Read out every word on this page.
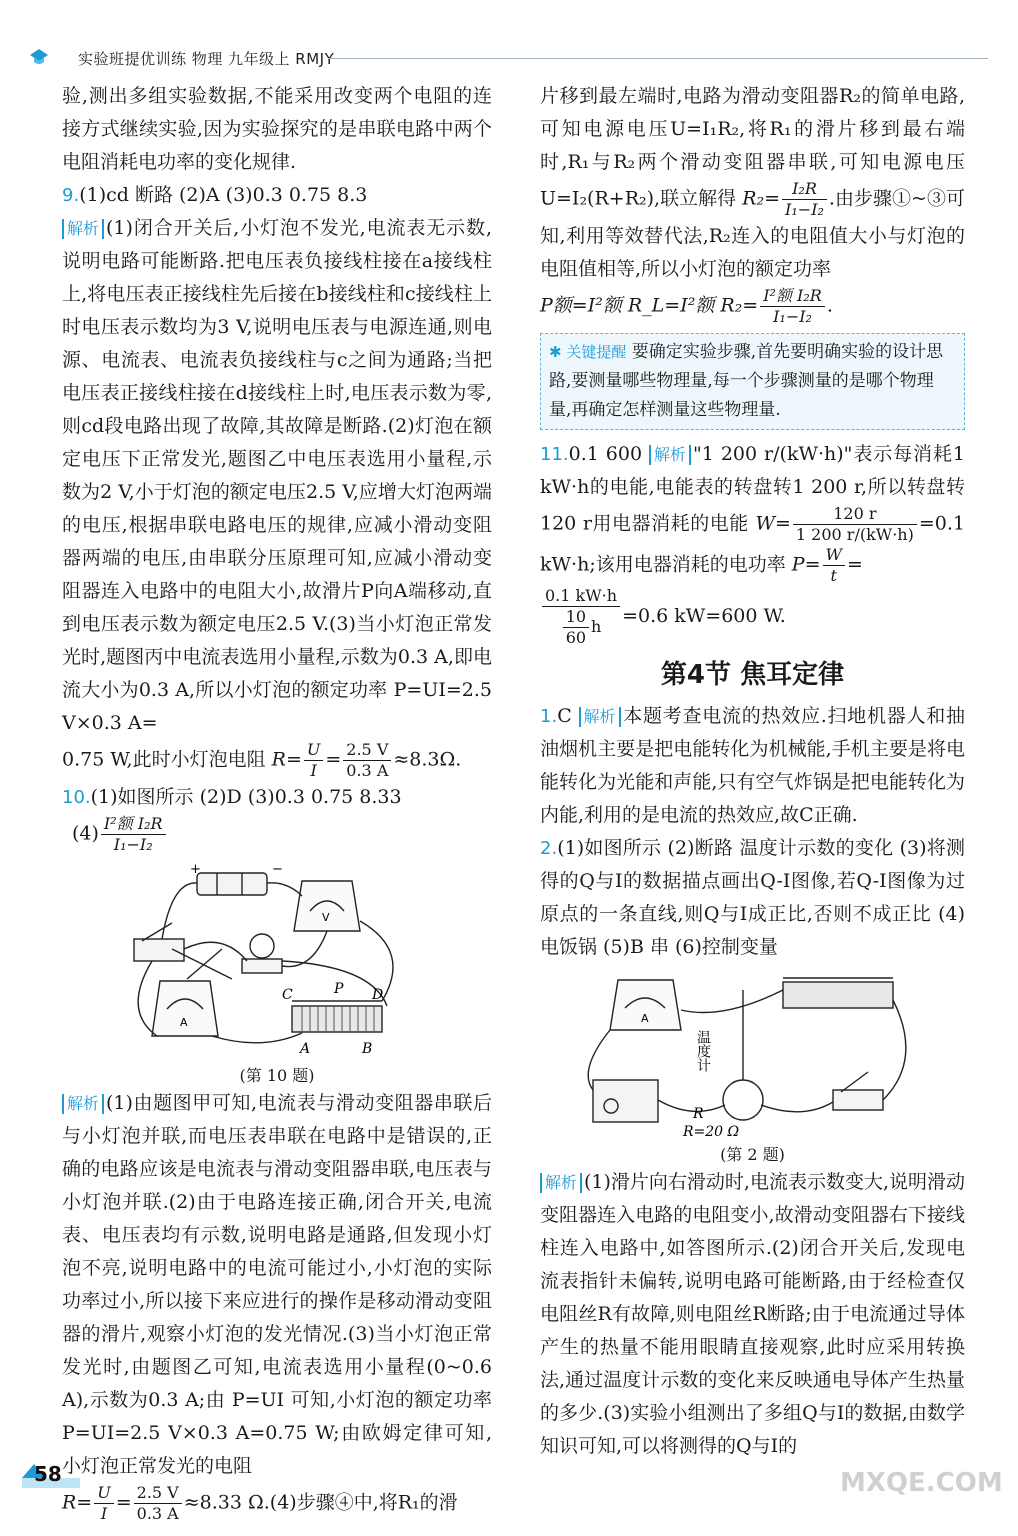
实验班提优训练 物理 九年级上 RMJY

验,测出多组实验数据,不能采用改变两个电阻的连接方式继续实验,因为实验探究的是串联电路中两个电阻消耗电功率的变化规律.

9.(1)cd 断路 (2)A (3)0.3 0.75 8.3

解析 (1)闭合开关后,小灯泡不发光,电流表无示数,说明电路可能断路.把电压表负接线柱接在a接线柱上,将电压表正接线柱先后接在b接线柱和c接线柱上时电压表示数均为3 V,说明电压表与电源连通,则电源、电流表、电流表负接线柱与c之间为通路;当把电压表正接线柱接在d接线柱上时,电压表示数为零,则cd段电路出现了故障,其故障是断路.(2)灯泡在额定电压下正常发光,题图乙中电压表选用小量程,示数为2 V,小于灯泡的额定电压2.5 V,应增大灯泡两端的电压,根据串联电路电压的规律,应减小滑动变阻器两端的电压,由串联分压原理可知,应减小滑动变阻器连入电路中的电阻大小,故滑片P向A端移动,直到电压表示数为额定电压2.5 V.(3)当小灯泡正常发光时,题图丙中电流表选用小量程,示数为0.3 A,即电流大小为0.3 A,所以小灯泡的额定功率 P=UI=2.5 V×0.3 A=

0.75 W,此时小灯泡电阻 $R= \frac{U}{I} = \frac{2.5 V}{0.3 A} \approx 8.3\Omega$.

10.(1)如图所示 (2)D (3)0.3 0.75 8.33

$(4) \frac{\text{I²额 I₂R}}{\text{I₁−I₂}}$

+	−
V
A
C	P D
A	B
(第 10 题)

解析 (1)由题图甲可知,电流表与滑动变阻器串联后与小灯泡并联,而电压表串联在电路中是错误的,正确的电路应该是电流表与滑动变阻器串联,电压表与小灯泡并联.(2)由于电路连接正确,闭合开关,电流表、电压表均有示数,说明电路是通路,但发现小灯泡不亮,说明电路中的电流可能过小,小灯泡的实际功率过小,所以接下来应进行的操作是移动滑动变阻器的滑片,观察小灯泡的发光情况.(3)当小灯泡正常发光时,由题图乙可知,电流表选用小量程(0~0.6 A),示数为0.3 A;由 P=UI 可知,小灯泡的额定功率 P=UI=2.5 V×0.3 A=0.75 W;由欧姆定律可知,小灯泡正常发光的电阻

$R= \frac{U}{I} = \frac{2.5 V}{0.3 A} \approx 8.33$ Ω.(4)步骤④中,将R₁的滑

片移到最左端时,电路为滑动变阻器R₂的简单电路,可知电源电压U=I₁R₂,将R₁的滑片移到最右端时,R₁与R₂两个滑动变阻器串联,可知电源电压U=I₂(R+R₂),联立解得 $R_2= \frac{\text{I₂R}}{\text{I₁−I₂}}$ .由步骤①~③可知,利用等效替代法,R₂连入的电阻值大小与灯泡的电阻值相等,所以小灯泡的额定功率

P额=I²额 R_L=I²额 $R_2= \frac{\text{I²额 I₂R}}{\text{I₁−I₂}}$ .

✱ 关键提醒 要确定实验步骤,首先要明确实验的设计思路,要测量哪些物理量,每一个步骤测量的是哪个物理量,再确定怎样测量这些物理量.

11.0.1 600 解析 "1 200 r/(kW·h)"表示每消耗1 kW·h的电能,电能表的转盘转1 200 r,所以转盘转120 r用电器消耗的电能 $W= \frac{120 r}{1 200 r/(kW\cdot h)} =0.1$ kW·h;该用电器消耗的电功率 $P= \frac{W}{t}$ =

$\frac{0.1 kW\cdot h}{\frac{10}{60} h} =0.6$ kW=600 W.

第4节 焦耳定律

1.C 解析 本题考查电流的热效应.扫地机器人和抽油烟机主要是把电能转化为机械能,手机主要是将电能转化为光能和声能,只有空气炸锅是把电能转化为内能,利用的是电流的热效应,故C正确.

2.(1)如图所示 (2)断路 温度计示数的变化 (3)将测得的Q与I的数据描点画出Q-I图像,若Q-I图像为过原点的一条直线,则Q与I成正比,否则不成正比 (4)电饭锅 (5)B 串 (6)控制变量

A
温度计
R
R=20 Ω
(第 2 题)

解析 (1)滑片向右滑动时,电流表示数变大,说明滑动变阻器连入电路的电阻变小,故滑动变阻器右下接线柱连入电路中,如答图所示.(2)闭合开关后,发现电流表指针未偏转,说明电路可能断路,由于经检查仅电阻丝R有故障,则电阻丝R断路;由于电流通过导体产生的热量不能用眼睛直接观察,此时应采用转换法,通过温度计示数的变化来反映通电导体产生热量的多少.(3)实验小组测出了多组Q与I的数据,由数学知识可知,可以将测得的Q与I的

58	MXQE.COM
